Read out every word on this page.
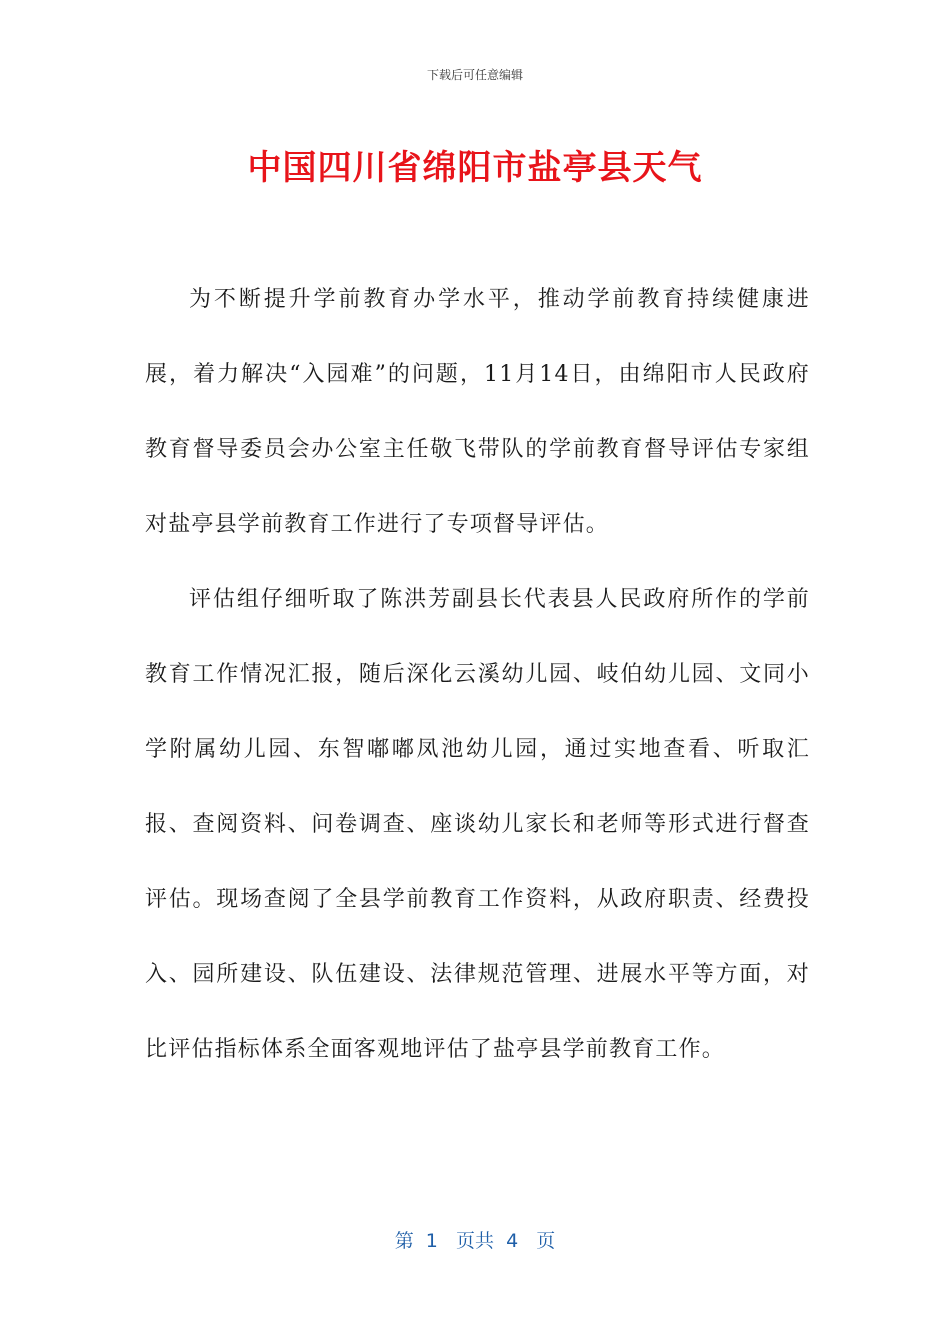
下载后可任意编辑
中国四川省绵阳市盐亭县天气

为不断提升学前教育办学水平，推动学前教育持续健康进展，着力解决“入园难”的问题，11月14日，由绵阳市人民政府教育督导委员会办公室主任敬飞带队的学前教育督导评估专家组对盐亭县学前教育工作进行了专项督导评估。

评估组仔细听取了陈洪芳副县长代表县人民政府所作的学前教育工作情况汇报，随后深化云溪幼儿园、岐伯幼儿园、文同小学附属幼儿园、东智嘟嘟凤池幼儿园，通过实地查看、听取汇报、查阅资料、问卷调查、座谈幼儿家长和老师等形式进行督查评估。现场查阅了全县学前教育工作资料，从政府职责、经费投入、园所建设、队伍建设、法律规范管理、进展水平等方面，对比评估指标体系全面客观地评估了盐亭县学前教育工作。

第  1   页共  4   页
